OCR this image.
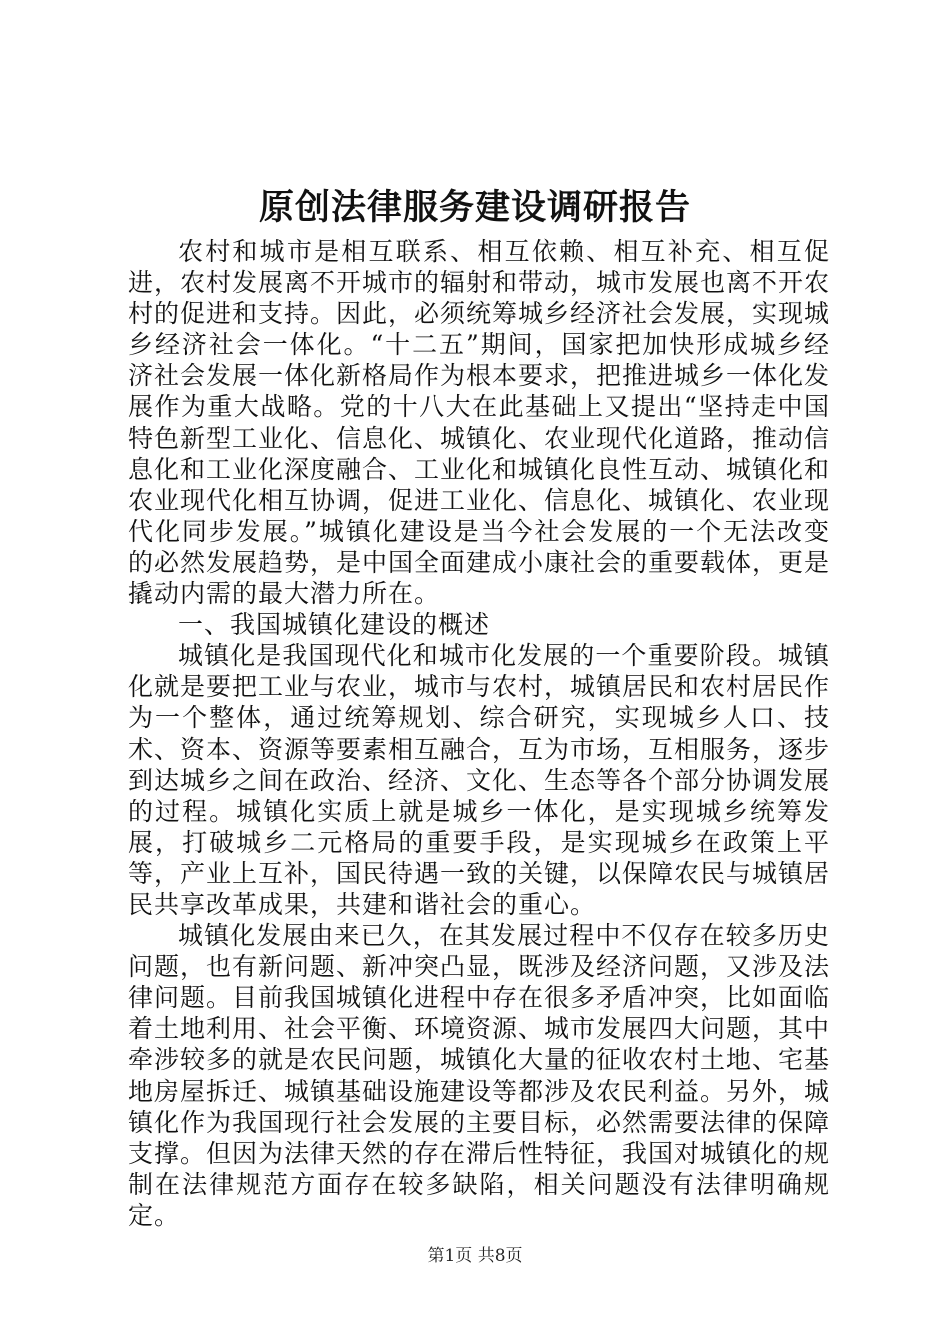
原创法律服务建设调研报告

农村和城市是相互联系、相互依赖、相互补充、相互促进，农村发展离不开城市的辐射和带动，城市发展也离不开农村的促进和支持。因此，必须统筹城乡经济社会发展，实现城乡经济社会一体化。“十二五”期间，国家把加快形成城乡经济社会发展一体化新格局作为根本要求，把推进城乡一体化发展作为重大战略。党的十八大在此基础上又提出“坚持走中国特色新型工业化、信息化、城镇化、农业现代化道路，推动信息化和工业化深度融合、工业化和城镇化良性互动、城镇化和农业现代化相互协调，促进工业化、信息化、城镇化、农业现代化同步发展。”城镇化建设是当今社会发展的一个无法改变的必然发展趋势，是中国全面建成小康社会的重要载体，更是撬动内需的最大潜力所在。

一、我国城镇化建设的概述

城镇化是我国现代化和城市化发展的一个重要阶段。城镇化就是要把工业与农业，城市与农村，城镇居民和农村居民作为一个整体，通过统筹规划、综合研究，实现城乡人口、技术、资本、资源等要素相互融合，互为市场，互相服务，逐步到达城乡之间在政治、经济、文化、生态等各个部分协调发展的过程。城镇化实质上就是城乡一体化，是实现城乡统筹发展，打破城乡二元格局的重要手段，是实现城乡在政策上平等，产业上互补，国民待遇一致的关键，以保障农民与城镇居民共享改革成果，共建和谐社会的重心。

城镇化发展由来已久，在其发展过程中不仅存在较多历史问题，也有新问题、新冲突凸显，既涉及经济问题，又涉及法律问题。目前我国城镇化进程中存在很多矛盾冲突，比如面临着土地利用、社会平衡、环境资源、城市发展四大问题，其中牵涉较多的就是农民问题，城镇化大量的征收农村土地、宅基地房屋拆迁、城镇基础设施建设等都涉及农民利益。另外，城镇化作为我国现行社会发展的主要目标，必然需要法律的保障支撑。但因为法律天然的存在滞后性特征，我国对城镇化的规制在法律规范方面存在较多缺陷，相关问题没有法律明确规定。

第1页 共8页
